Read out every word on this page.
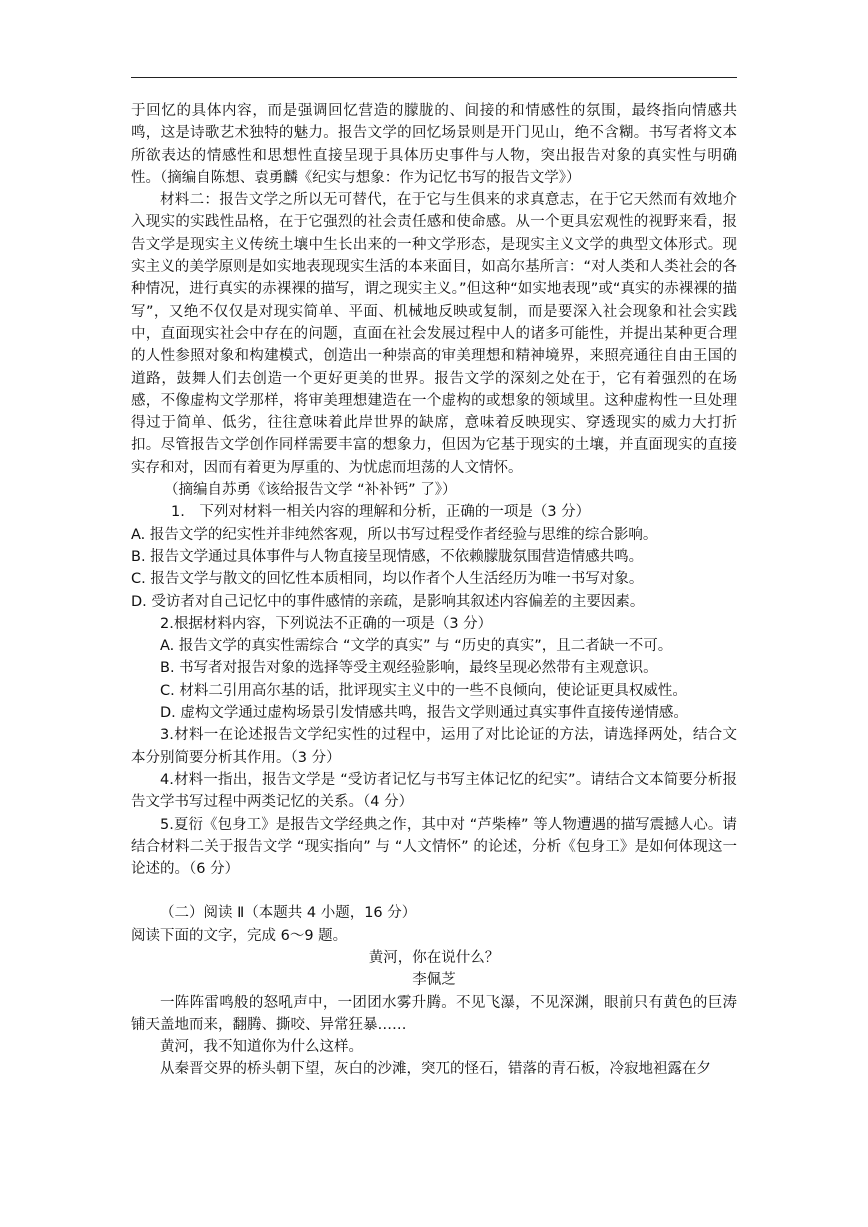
于回忆的具体内容，而是强调回忆营造的朦胧的、间接的和情感性的氛围，最终指向情感共鸣，这是诗歌艺术独特的魅力。报告文学的回忆场景则是开门见山，绝不含糊。书写者将文本所欲表达的情感性和思想性直接呈现于具体历史事件与人物，突出报告对象的真实性与明确性。（摘编自陈想、袁勇麟《纪实与想象：作为记忆书写的报告文学》）

材料二：报告文学之所以无可替代，在于它与生俱来的求真意志，在于它天然而有效地介入现实的实践性品格，在于它强烈的社会责任感和使命感。从一个更具宏观性的视野来看，报告文学是现实主义传统土壤中生长出来的一种文学形态，是现实主义文学的典型文体形式。现实主义的美学原则是如实地表现现实生活的本来面目，如高尔基所言：“对人类和人类社会的各种情况，进行真实的赤裸裸的描写，谓之现实主义。”但这种“如实地表现”或“真实的赤裸裸的描写”，又绝不仅仅是对现实简单、平面、机械地反映或复制，而是要深入社会现象和社会实践中，直面现实社会中存在的问题，直面在社会发展过程中人的诸多可能性，并提出某种更合理的人性参照对象和构建模式，创造出一种崇高的审美理想和精神境界，来照亮通往自由王国的道路，鼓舞人们去创造一个更好更美的世界。报告文学的深刻之处在于，它有着强烈的在场感，不像虚构文学那样，将审美理想建造在一个虚构的或想象的领域里。这种虚构性一旦处理得过于简单、低劣，往往意味着此岸世界的缺席，意味着反映现实、穿透现实的威力大打折扣。尽管报告文学创作同样需要丰富的想象力，但因为它基于现实的土壤，并直面现实的直接实存和对，因而有着更为厚重的、为忧虑而坦荡的人文情怀。

（摘编自苏勇《该给报告文学 “补补钙” 了》）

1.　下列对材料一相关内容的理解和分析，正确的一项是（3 分）

A. 报告文学的纪实性并非纯然客观，所以书写过程受作者经验与思维的综合影响。

B. 报告文学通过具体事件与人物直接呈现情感，不依赖朦胧氛围营造情感共鸣。

C. 报告文学与散文的回忆性本质相同，均以作者个人生活经历为唯一书写对象。

D. 受访者对自己记忆中的事件感情的亲疏，是影响其叙述内容偏差的主要因素。

2.根据材料内容，下列说法不正确的一项是（3 分）

A. 报告文学的真实性需综合 “文学的真实” 与 “历史的真实”，且二者缺一不可。

B. 书写者对报告对象的选择等受主观经验影响，最终呈现必然带有主观意识。

C. 材料二引用高尔基的话，批评现实主义中的一些不良倾向，使论证更具权威性。

D. 虚构文学通过虚构场景引发情感共鸣，报告文学则通过真实事件直接传递情感。

3.材料一在论述报告文学纪实性的过程中，运用了对比论证的方法，请选择两处，结合文本分别简要分析其作用。（3 分）

4.材料一指出，报告文学是 “受访者记忆与书写主体记忆的纪实”。请结合文本简要分析报告文学书写过程中两类记忆的关系。（4 分）

5.夏衍《包身工》是报告文学经典之作，其中对 “芦柴棒” 等人物遭遇的描写震撼人心。请结合材料二关于报告文学 “现实指向” 与 “人文情怀” 的论述，分析《包身工》是如何体现这一论述的。（6 分）

（二）阅读 Ⅱ（本题共 4 小题，16 分）

阅读下面的文字，完成 6～9 题。

黄河，你在说什么？

李佩芝

一阵阵雷鸣般的怒吼声中，一团团水雾升腾。不见飞瀑，不见深渊，眼前只有黄色的巨涛铺天盖地而来，翻腾、撕咬、异常狂暴……

黄河，我不知道你为什么这样。

从秦晋交界的桥头朝下望，灰白的沙滩，突兀的怪石，错落的青石板，冷寂地袒露在夕
